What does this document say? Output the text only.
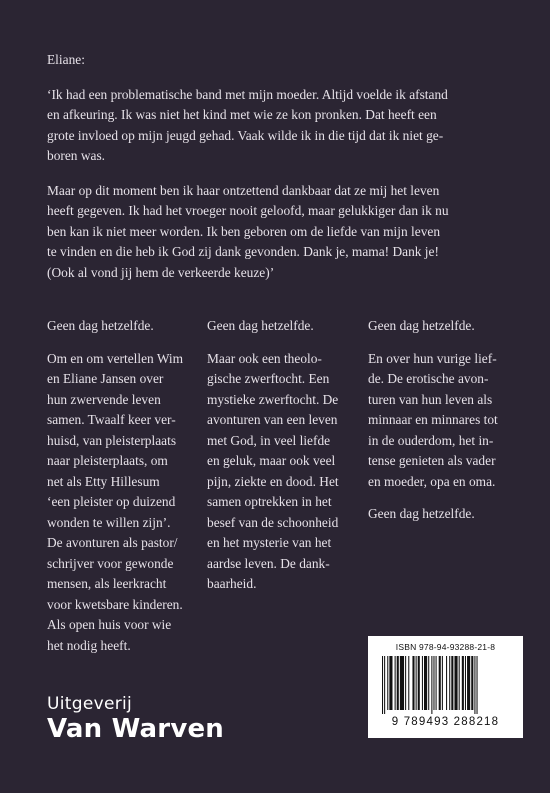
Eliane:

‘Ik had een problematische band met mijn moeder. Altijd voelde ik afstand
en afkeuring. Ik was niet het kind met wie ze kon pronken. Dat heeft een
grote invloed op mijn jeugd gehad. Vaak wilde ik in die tijd dat ik niet ge-
boren was.

Maar op dit moment ben ik haar ontzettend dankbaar dat ze mij het leven
heeft gegeven. Ik had het vroeger nooit geloofd, maar gelukkiger dan ik nu
ben kan ik niet meer worden. Ik ben geboren om de liefde van mijn leven
te vinden en die heb ik God zij dank gevonden. Dank je, mama! Dank je!
(Ook al vond jij hem de verkeerde keuze)’

Geen dag hetzelfde.

Om en om vertellen Wim
en Eliane Jansen over
hun zwervende leven
samen. Twaalf keer ver-
huisd, van pleisterplaats
naar pleisterplaats, om
net als Etty Hillesum
‘een pleister op duizend
wonden te willen zijn’.
De avonturen als pastor/
schrijver voor gewonde
mensen, als leerkracht
voor kwetsbare kinderen.
Als open huis voor wie
het nodig heeft.

Geen dag hetzelfde.

Maar ook een theolo-
gische zwerftocht. Een
mystieke zwerftocht. De
avonturen van een leven
met God, in veel liefde
en geluk, maar ook veel
pijn, ziekte en dood. Het
samen optrekken in het
besef van de schoonheid
en het mysterie van het
aardse leven. De dank-
baarheid.

Geen dag hetzelfde.

En over hun vurige lief-
de. De erotische avon-
turen van hun leven als
minnaar en minnares tot
in de ouderdom, het in-
tense genieten als vader
en moeder, opa en oma.

Geen dag hetzelfde.

Uitgeverij
Van Warven
ISBN 978-94-93288-21-8
9 789493 288218
